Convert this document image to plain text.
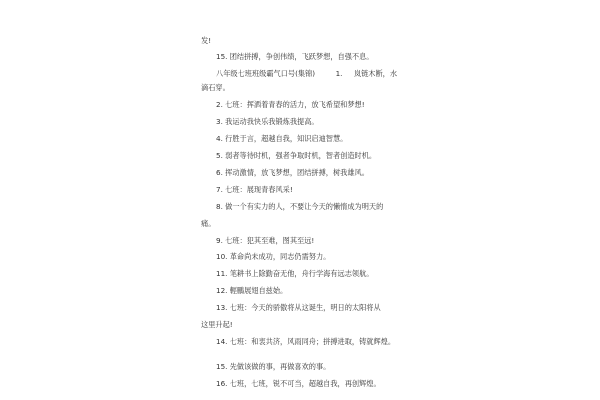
发!
15. 团结拼搏，争创伟绩，飞跃梦想，自强不息。
八年级七班班级霸气口号(集锦)         1.     岚链木断，水
滴石穿。
2. 七班：挥洒着青春的活力，放飞希望和梦想!
3. 我运动我快乐我锻炼我提高。
4. 行胜于言，超越自我，知识启迪智慧。
5. 弱者等待时机，强者争取时机，智者创造时机。
6. 挥动激情，放飞梦想，团结拼搏，树我雄风。
7. 七班：展现青春风采!
8. 做一个有实力的人，不要让今天的懒惰成为明天的
痛。
9. 七班：犯其至难，图其至远!
10. 革命尚未成功，同志仍需努力。
11. 笔耕书上除勤奋无他，舟行学海有远志领航。
12. 輕鵬展翅自兹始。
13. 七班：今天的骄傲将从这诞生，明日的太阳将从
这里升起!
14. 七班：和衷共济，风雨同舟；拼搏进取，铸就辉煌。
15. 先做该做的事，再做喜欢的事。
16. 七班，七班，锐不可当，超越自我，再创辉煌。
